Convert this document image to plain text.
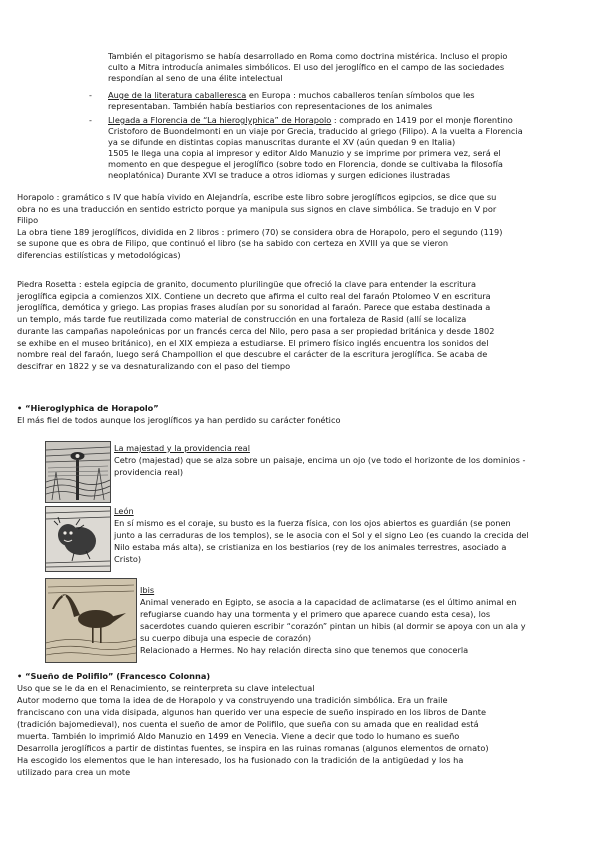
También el pitagorismo se había desarrollado en Roma como doctrina mistérica. Incluso el propio
culto a Mitra introducía animales simbólicos. El uso del jeroglífico en el campo de las sociedades
respondían al seno de una élite intelectual
- Auge de la literatura caballeresca en Europa : muchos caballeros tenían símbolos que les
representaban. También había bestiarios con representaciones de los animales
- Llegada a Florencia de “La hieroglyphica” de Horapolo : comprado en 1419 por el monje florentino
Cristoforo de Buondelmonti en un viaje por Grecia, traducido al griego (Filipo). A la vuelta a Florencia
ya se difunde en distintas copias manuscritas durante el XV (aún quedan 9 en Italia)
1505 le llega una copia al impresor y editor Aldo Manuzio y se imprime por primera vez, será el
momento en que despegue el jeroglífico (sobre todo en Florencia, donde se cultivaba la filosofía
neoplatónica) Durante XVI se traduce a otros idiomas y surgen ediciones ilustradas
Horapolo : gramático s IV que había vivido en Alejandría, escribe este libro sobre jeroglíficos egipcios, se dice que su
obra no es una traducción en sentido estricto porque ya manipula sus signos en clave simbólica. Se tradujo en V por
Filipo
La obra tiene 189 jeroglíficos, dividida en 2 libros : primero (70) se considera obra de Horapolo, pero el segundo (119)
se supone que es obra de Filipo, que continuó el libro (se ha sabido con certeza en XVIII ya que se vieron
diferencias estilísticas y metodológicas)
Piedra Rosetta : estela egipcia de granito, documento plurilingüe que ofreció la clave para entender la escritura
jeroglífica egipcia a comienzos XIX. Contiene un decreto que afirma el culto real del faraón Ptolomeo V en escritura
jeroglífica, demótica y griego. Las propias frases aludían por su sonoridad al faraón. Parece que estaba destinada a
un templo, más tarde fue reutilizada como material de construcción en una fortaleza de Rasid (allí se localiza
durante las campañas napoleónicas por un francés cerca del Nilo, pero pasa a ser propiedad británica y desde 1802
se exhibe en el museo británico), en el XIX empieza a estudiarse. El primero físico inglés encuentra los sonidos del
nombre real del faraón, luego será Champollion el que descubre el carácter de la escritura jeroglífica. Se acaba de
descifrar en 1822 y se va desnaturalizando con el paso del tiempo
• “Hieroglyphica de Horapolo”
El más fiel de todos aunque los jeroglíficos ya han perdido su carácter fonético
La majestad y la providencia real
Cetro (majestad) que se alza sobre un paisaje, encima un ojo (ve todo el horizonte de los dominios -
providencia real)
León
En sí mismo es el coraje, su busto es la fuerza física, con los ojos abiertos es guardián (se ponen
junto a las cerraduras de los templos), se le asocia con el Sol y el signo Leo (es cuando la crecida del
Nilo estaba más alta), se cristianiza en los bestiarios (rey de los animales terrestres, asociado a
Cristo)
Ibis
Animal venerado en Egipto, se asocia a la capacidad de aclimatarse (es el último animal en
refugiarse cuando hay una tormenta y el primero que aparece cuando esta cesa), los
sacerdotes cuando quieren escribir “corazón” pintan un hibis (al dormir se apoya con un ala y
su cuerpo dibuja una especie de corazón)
Relacionado a Hermes. No hay relación directa sino que tenemos que conocerla
• “Sueño de Polifilo” (Francesco Colonna)
Uso que se le da en el Renacimiento, se reinterpreta su clave intelectual
Autor moderno que toma la idea de de Horapolo y va construyendo una tradición simbólica. Era un fraile
franciscano con una vida disipada, algunos han querido ver una especie de sueño inspirado en los libros de Dante
(tradición bajomedieval), nos cuenta el sueño de amor de Polifilo, que sueña con su amada que en realidad está
muerta. También lo imprimió Aldo Manuzio en 1499 en Venecia. Viene a decir que todo lo humano es sueño
Desarrolla jeroglíficos a partir de distintas fuentes, se inspira en las ruinas romanas (algunos elementos de ornato)
Ha escogido los elementos que le han interesado, los ha fusionado con la tradición de la antigüedad y los ha
utilizado para crea un mote
